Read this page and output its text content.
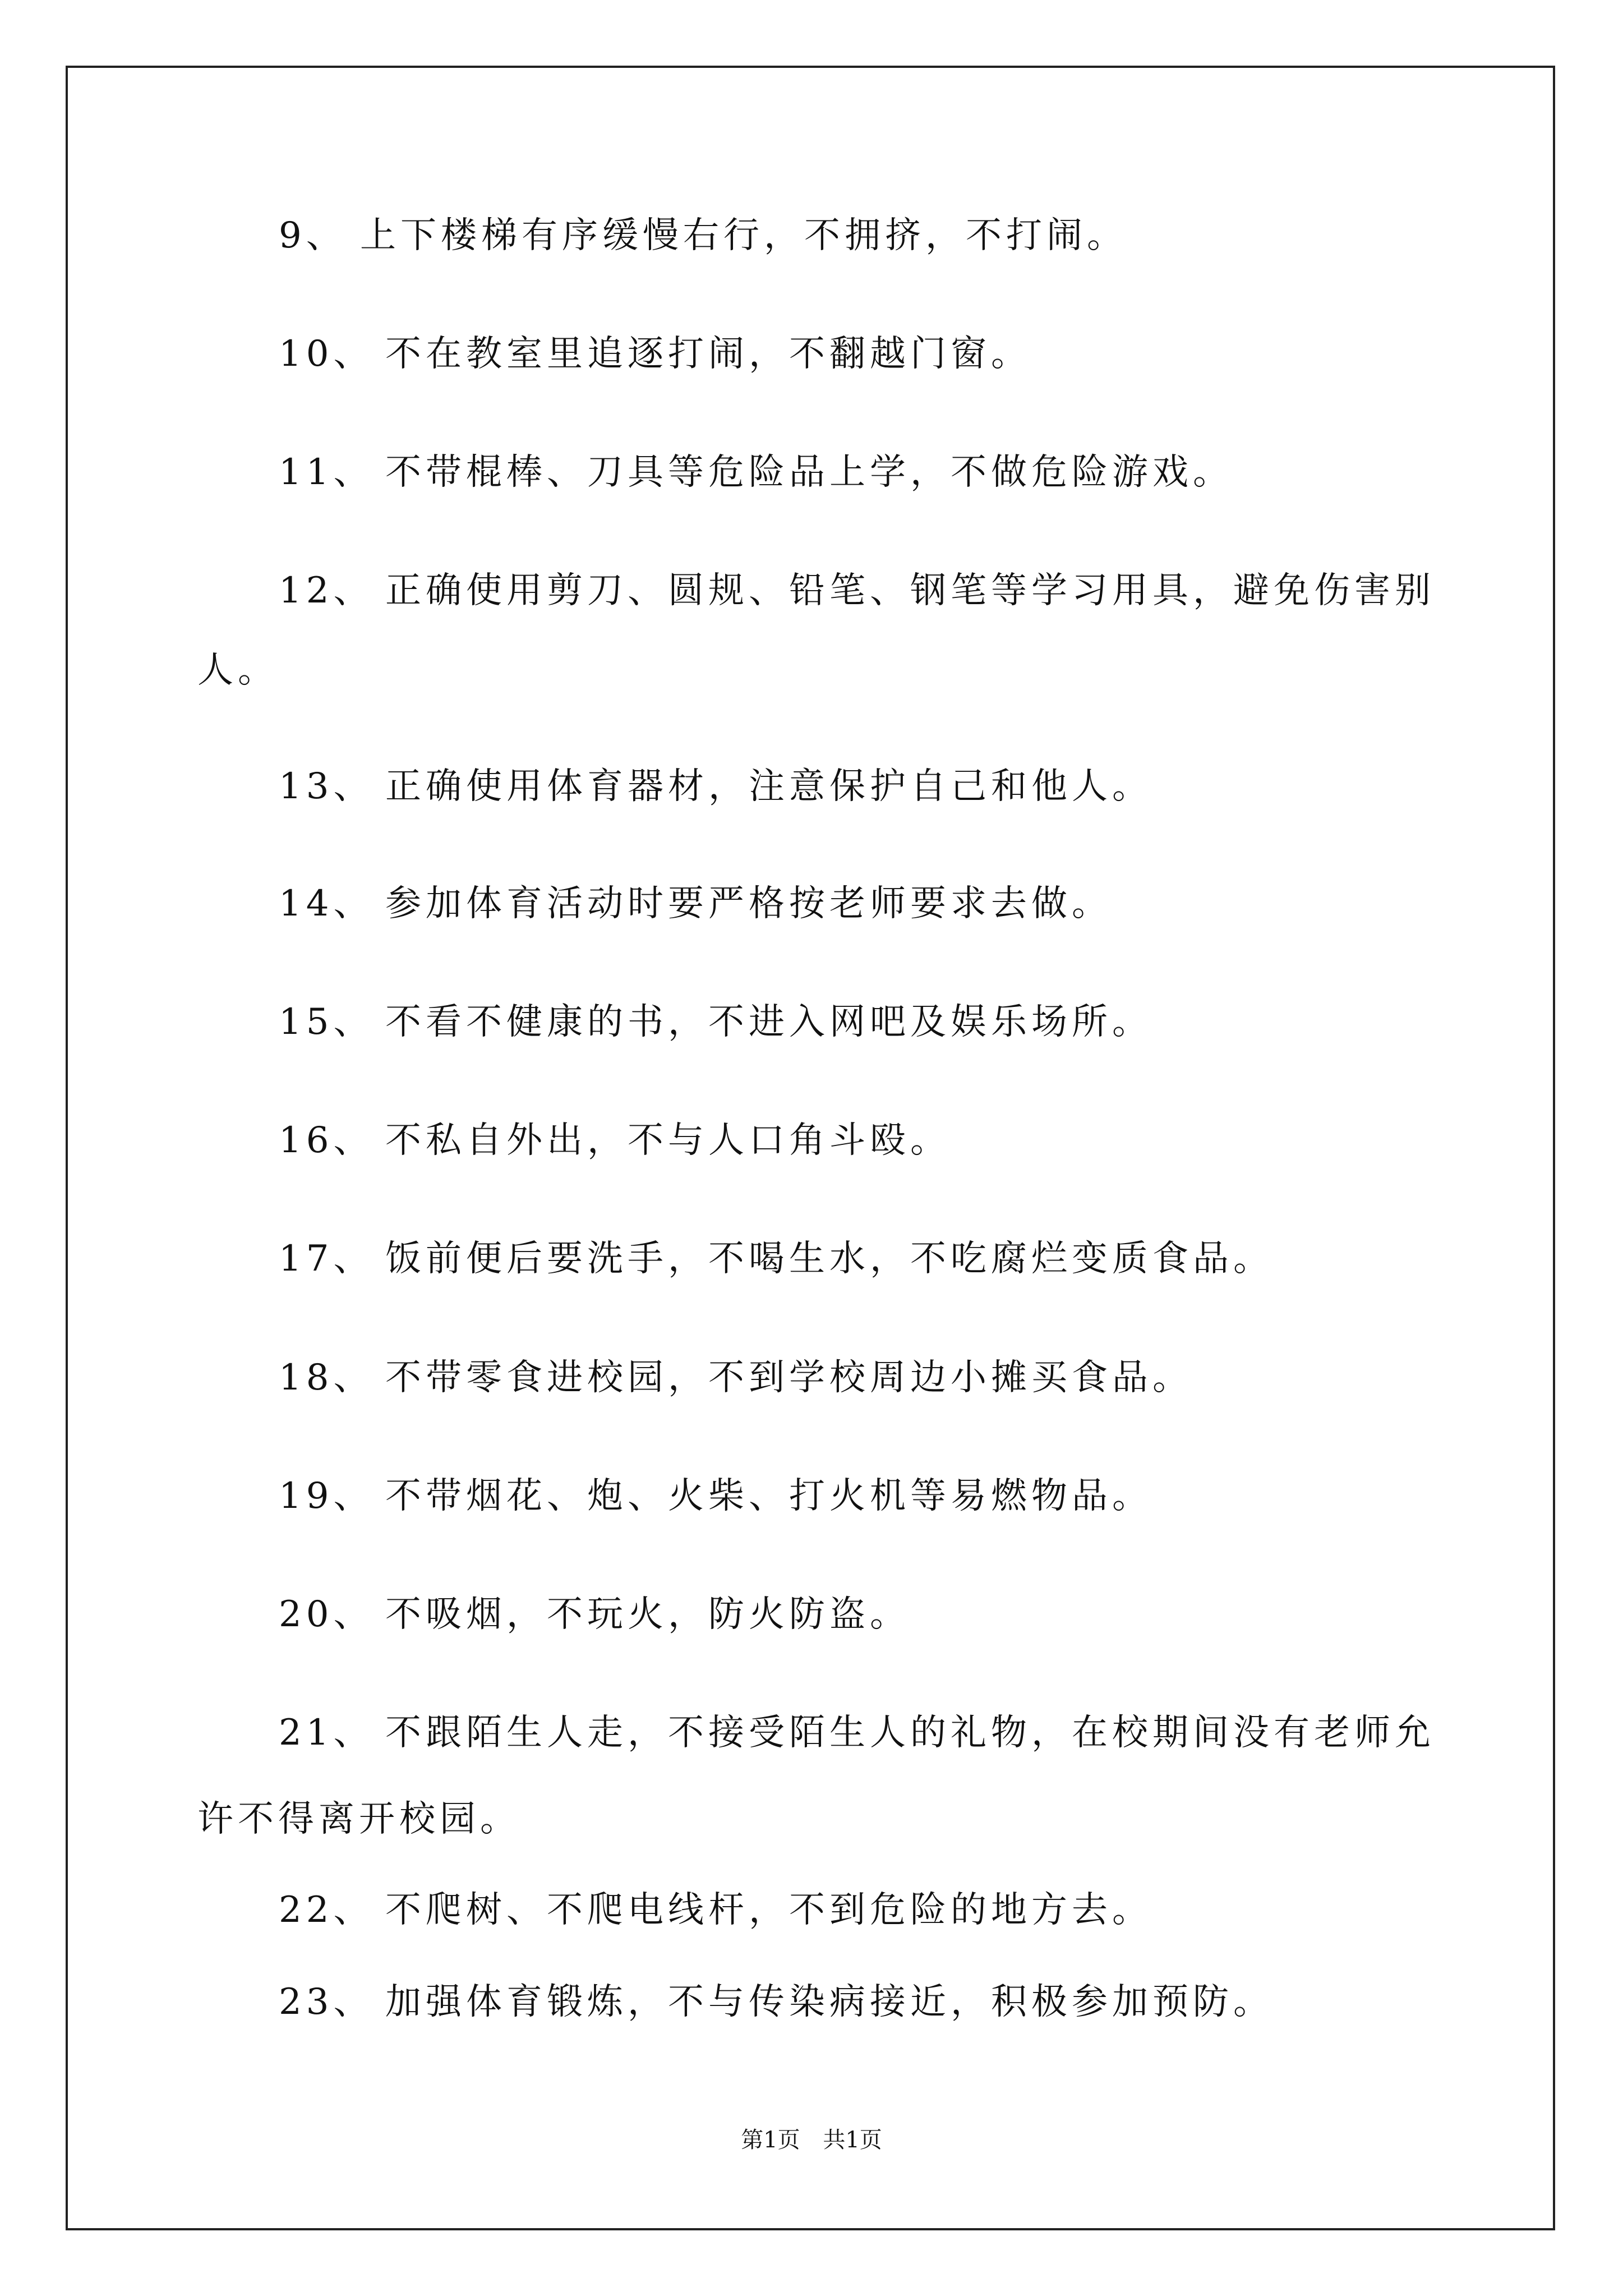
9、 上下楼梯有序缓慢右行，不拥挤，不打闹。
10、 不在教室里追逐打闹，不翻越门窗。
11、 不带棍棒、刀具等危险品上学，不做危险游戏。
12、 正确使用剪刀、圆规、铅笔、钢笔等学习用具，避免伤害别
人。
13、 正确使用体育器材，注意保护自己和他人。
14、 参加体育活动时要严格按老师要求去做。
15、 不看不健康的书，不进入网吧及娱乐场所。
16、 不私自外出，不与人口角斗殴。
17、 饭前便后要洗手，不喝生水，不吃腐烂变质食品。
18、 不带零食进校园，不到学校周边小摊买食品。
19、 不带烟花、炮、火柴、打火机等易燃物品。
20、 不吸烟，不玩火，防火防盗。
21、 不跟陌生人走，不接受陌生人的礼物，在校期间没有老师允
许不得离开校园。
22、 不爬树、不爬电线杆，不到危险的地方去。
23、 加强体育锻炼，不与传染病接近，积极参加预防。
第1页 共1页
